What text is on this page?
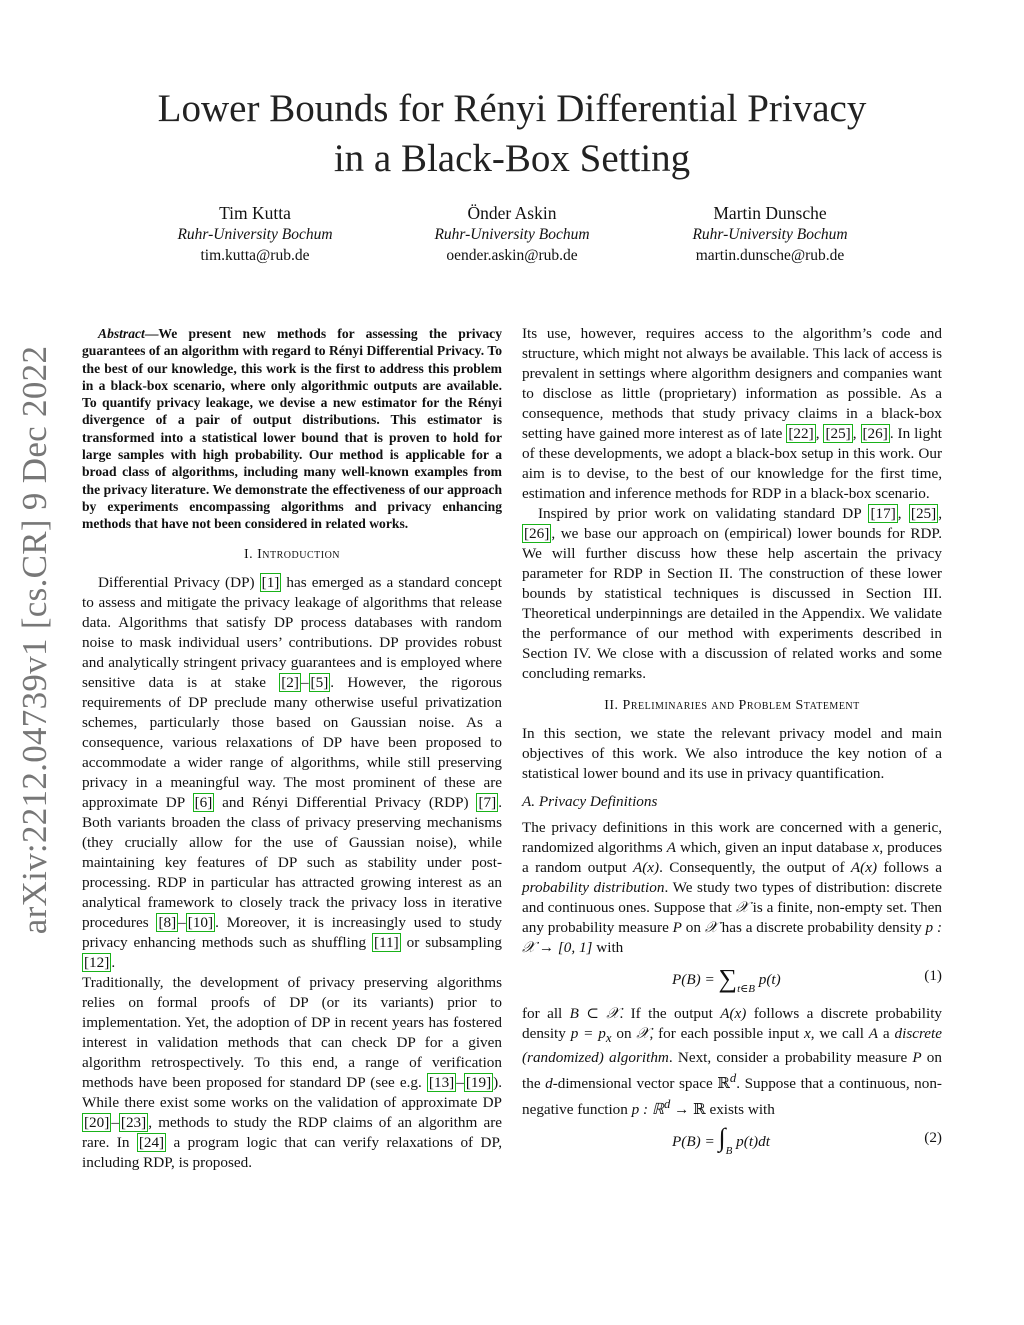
arXiv:2212.04739v1 [cs.CR] 9 Dec 2022
Lower Bounds for Rényi Differential Privacy
in a Black-Box Setting
Tim Kutta
Ruhr-University Bochum
tim.kutta@rub.de
Önder Askin
Ruhr-University Bochum
oender.askin@rub.de
Martin Dunsche
Ruhr-University Bochum
martin.dunsche@rub.de

Abstract—We present new methods for assessing the privacy guarantees of an algorithm with regard to Rényi Differential Privacy. To the best of our knowledge, this work is the first to address this problem in a black-box scenario, where only algorithmic outputs are available. To quantify privacy leakage, we devise a new estimator for the Rényi divergence of a pair of output distributions. This estimator is transformed into a statistical lower bound that is proven to hold for large samples with high probability. Our method is applicable for a broad class of algorithms, including many well-known examples from the privacy literature. We demonstrate the effectiveness of our approach by experiments encompassing algorithms and privacy enhancing methods that have not been considered in related works.

I. Introduction

Differential Privacy (DP) [1] has emerged as a standard concept to assess and mitigate the privacy leakage of algorithms that release data. Algorithms that satisfy DP process databases with random noise to mask individual users’ contributions. DP provides robust and analytically stringent privacy guarantees and is employed where sensitive data is at stake [2] – [5] . However, the rigorous requirements of DP preclude many otherwise useful privatization schemes, particularly those based on Gaussian noise. As a consequence, various relaxations of DP have been proposed to accommodate a wider range of algorithms, while still preserving privacy in a meaningful way. The most prominent of these are approximate DP [6] and Rényi Differential Privacy (RDP) [7] . Both variants broaden the class of privacy preserving mechanisms (they crucially allow for the use of Gaussian noise), while maintaining key features of DP such as stability under post-processing. RDP in particular has attracted growing interest as an analytical framework to closely track the privacy loss in iterative procedures [8] – [10] . Moreover, it is increasingly used to study privacy enhancing methods such as shuffling [11] or subsampling [12] .

Traditionally, the development of privacy preserving algorithms relies on formal proofs of DP (or its variants) prior to implementation. Yet, the adoption of DP in recent years has fostered interest in validation methods that can check DP for a given algorithm retrospectively. To this end, a range of verification methods have been proposed for standard DP (see e.g. [13] – [19] ). While there exist some works on the validation of approximate DP [20] – [23] , methods to study the RDP claims of an algorithm are rare. In [24] a program logic that can verify relaxations of DP, including RDP, is proposed.

Its use, however, requires access to the algorithm’s code and structure, which might not always be available. This lack of access is prevalent in settings where algorithm designers and companies want to disclose as little (proprietary) information as possible. As a consequence, methods that study privacy claims in a black-box setting have gained more interest as of late [22] , [25] , [26] . In light of these developments, we adopt a black-box setup in this work. Our aim is to devise, to the best of our knowledge for the first time, estimation and inference methods for RDP in a black-box scenario.

Inspired by prior work on validating standard DP [17] , [25] , [26] , we base our approach on (empirical) lower bounds for RDP. We will further discuss how these help ascertain the privacy parameter for RDP in Section II. The construction of these lower bounds by statistical techniques is discussed in Section III. Theoretical underpinnings are detailed in the Appendix. We validate the performance of our method with experiments described in Section IV. We close with a discussion of related works and some concluding remarks.

II. Preliminaries and Problem Statement

In this section, we state the relevant privacy model and main objectives of this work. We also introduce the key notion of a statistical lower bound and its use in privacy quantification.

A. Privacy Definitions

The privacy definitions in this work are concerned with a generic, randomized algorithms A which, given an input database x, produces a random output A(x). Consequently, the output of A(x) follows a probability distribution. We study two types of distribution: discrete and continuous ones. Suppose that 𝒳 is a finite, non-empty set. Then any probability measure P on 𝒳 has a discrete probability density p : 𝒳 → [0, 1] with

$P(B) = \sum_{t\in B}$ p(t)	(1)

for all B ⊂ 𝒳. If the output A(x) follows a discrete probability density $p = p_x$ on 𝒳, for each possible input x, we call A a discrete (randomized) algorithm. Next, consider a probability measure P on the d-dimensional vector space ℝ$^d$. Suppose that a continuous, non-negative function p : ℝ$^d$ → ℝ exists with

$P(B) = \int_B$ p(t)dt	(2)
